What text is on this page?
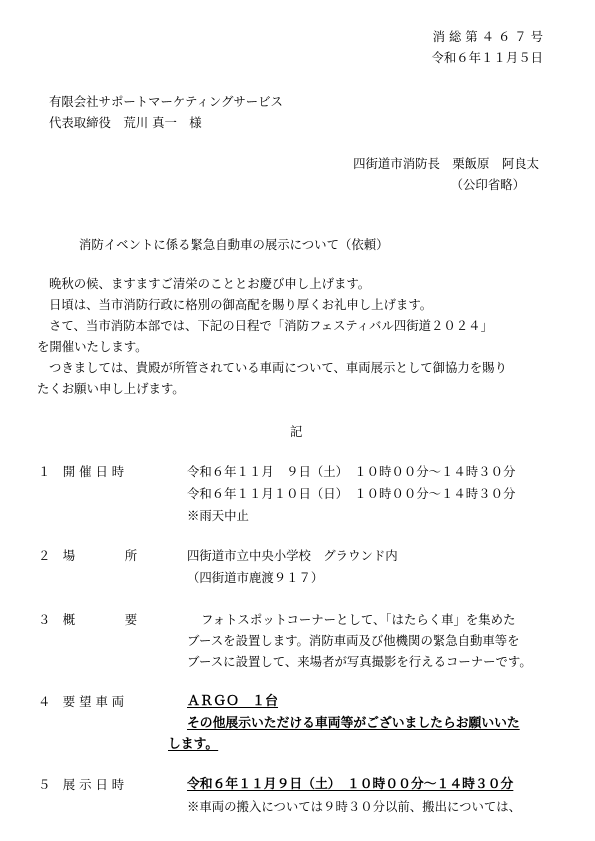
消 総 第 ４ ６ ７ 号
令和６年１１月５日
有限会社サポートマーケティングサービス
代表取締役　荒川 真一　様
四街道市消防長　栗飯原　阿良太
（公印省略）
消防イベントに係る緊急自動車の展示について（依頼）
晩秋の候、ますますご清栄のこととお慶び申し上げます。
日頃は、当市消防行政に格別の御高配を賜り厚くお礼申し上げます。
さて、当市消防本部では、下記の日程で「消防フェスティバル四街道２０２４」
を開催いたします。
つきましては、貴殿が所管されている車両について、車両展示として御協力を賜り
たくお願い申し上げます。
記
１　開 催 日 時	令和６年１１月　９日（土）　１０時００分～１４時３０分
令和６年１１月１０日（日）　１０時００分～１４時３０分
※雨天中止
２　場　　　　所	四街道市立中央小学校　グラウンド内
（四街道市鹿渡９１７）
３　概　　　　要	フォトスポットコーナーとして、「はたらく車」を集めた
ブースを設置します。消防車両及び他機関の緊急自動車等を
ブースに設置して、来場者が写真撮影を行えるコーナーです。
４　要 望 車 両	ＡＲＧＯ　１台
その他展示いただける車両等がございましたらお願いいた
します。
５　展 示 日 時	令和６年１１月９日（土）　１０時００分～１４時３０分
※車両の搬入については９時３０分以前、搬出については、
